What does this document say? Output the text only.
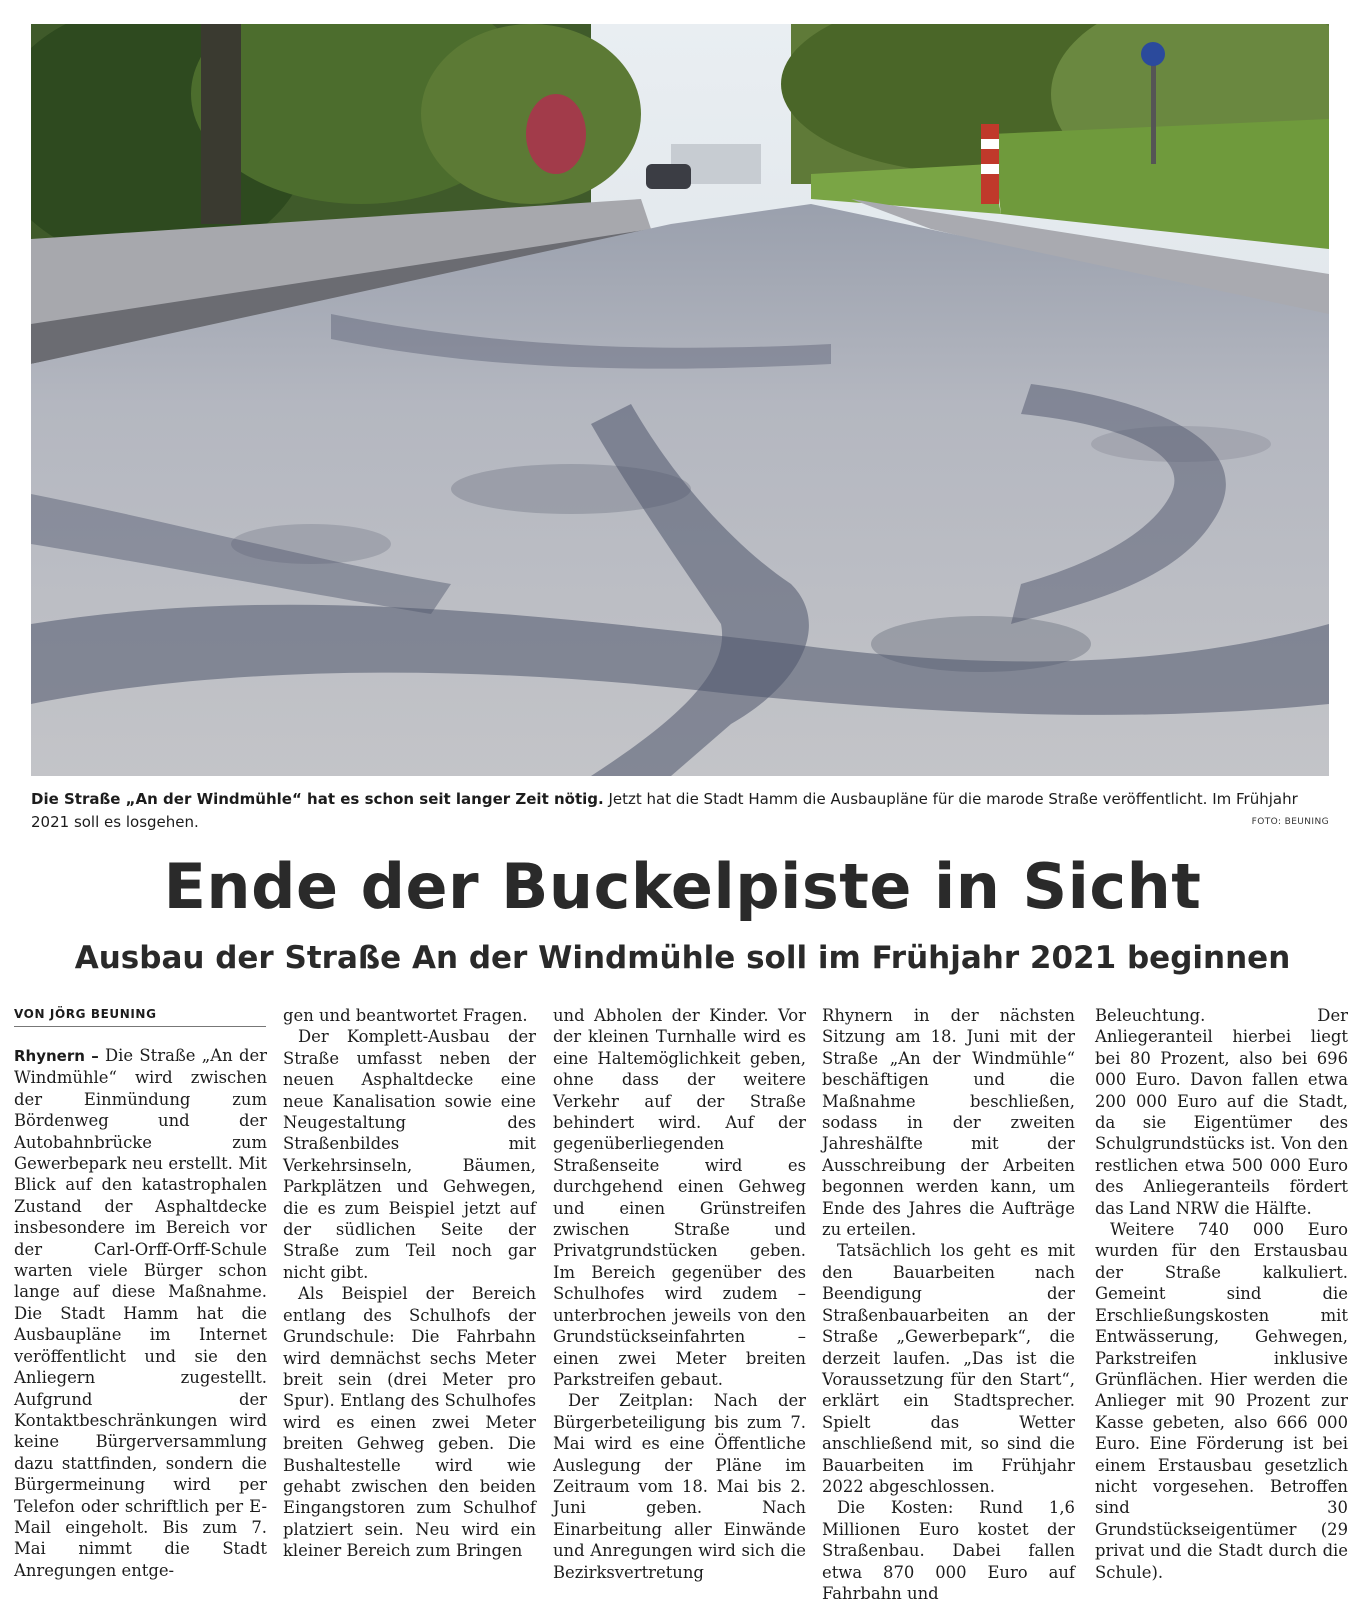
Die Straße „An der Windmühle“ hat es schon seit langer Zeit nötig. Jetzt hat die Stadt Hamm die Ausbaupläne für die marode Straße veröffentlicht. Im Frühjahr 2021 soll es losgehen.	FOTO: BEUNING
Ende der Buckelpiste in Sicht
Ausbau der Straße An der Windmühle soll im Frühjahr 2021 beginnen
VON JÖRG BEUNING

Rhynern – Die Straße „An der Windmühle“ wird zwischen der Einmündung zum Bördenweg und der Autobahnbrücke zum Gewerbepark neu erstellt. Mit Blick auf den katastrophalen Zustand der Asphaltdecke insbesondere im Bereich vor der Carl-Orff-Orff-Schule warten viele Bürger schon lange auf diese Maßnahme. Die Stadt Hamm hat die Ausbaupläne im Internet veröffentlicht und sie den Anliegern zugestellt. Aufgrund der Kontaktbeschränkungen wird keine Bürgerversammlung dazu stattfinden, sondern die Bürgermeinung wird per Telefon oder schriftlich per E-Mail eingeholt. Bis zum 7. Mai nimmt die Stadt Anregungen entge-

gen und beantwortet Fragen.

Der Komplett-Ausbau der Straße umfasst neben der neuen Asphaltdecke eine neue Kanalisation sowie eine Neugestaltung des Straßenbildes mit Verkehrsinseln, Bäumen, Parkplätzen und Gehwegen, die es zum Beispiel jetzt auf der südlichen Seite der Straße zum Teil noch gar nicht gibt.

Als Beispiel der Bereich entlang des Schulhofs der Grundschule: Die Fahrbahn wird demnächst sechs Meter breit sein (drei Meter pro Spur). Entlang des Schulhofes wird es einen zwei Meter breiten Gehweg geben. Die Bushaltestelle wird wie gehabt zwischen den beiden Eingangstoren zum Schulhof platziert sein. Neu wird ein kleiner Bereich zum Bringen

und Abholen der Kinder. Vor der kleinen Turnhalle wird es eine Haltemöglichkeit geben, ohne dass der weitere Verkehr auf der Straße behindert wird. Auf der gegenüberliegenden Straßenseite wird es durchgehend einen Gehweg und einen Grünstreifen zwischen Straße und Privatgrundstücken geben. Im Bereich gegenüber des Schulhofes wird zudem – unterbrochen jeweils von den Grundstückseinfahrten – einen zwei Meter breiten Parkstreifen gebaut.

Der Zeitplan: Nach der Bürgerbeteiligung bis zum 7. Mai wird es eine Öffentliche Auslegung der Pläne im Zeitraum vom 18. Mai bis 2. Juni geben. Nach Einarbeitung aller Einwände und Anregungen wird sich die Bezirksvertretung

Rhynern in der nächsten Sitzung am 18. Juni mit der Straße „An der Windmühle“ beschäftigen und die Maßnahme beschließen, sodass in der zweiten Jahreshälfte mit der Ausschreibung der Arbeiten begonnen werden kann, um Ende des Jahres die Aufträge zu erteilen.

Tatsächlich los geht es mit den Bauarbeiten nach Beendigung der Straßenbauarbeiten an der Straße „Gewerbepark“, die derzeit laufen. „Das ist die Voraussetzung für den Start“, erklärt ein Stadtsprecher. Spielt das Wetter anschließend mit, so sind die Bauarbeiten im Frühjahr 2022 abgeschlossen.

Die Kosten: Rund 1,6 Millionen Euro kostet der Straßenbau. Dabei fallen etwa 870 000 Euro auf Fahrbahn und

Beleuchtung. Der Anliegeranteil hierbei liegt bei 80 Prozent, also bei 696 000 Euro. Davon fallen etwa 200 000 Euro auf die Stadt, da sie Eigentümer des Schulgrundstücks ist. Von den restlichen etwa 500 000 Euro des Anliegeranteils fördert das Land NRW die Hälfte.

Weitere 740 000 Euro wurden für den Erstausbau der Straße kalkuliert. Gemeint sind die Erschließungskosten mit Entwässerung, Gehwegen, Parkstreifen inklusive Grünflächen. Hier werden die Anlieger mit 90 Prozent zur Kasse gebeten, also 666 000 Euro. Eine Förderung ist bei einem Erstausbau gesetzlich nicht vorgesehen. Betroffen sind 30 Grundstückseigentümer (29 privat und die Stadt durch die Schule).
